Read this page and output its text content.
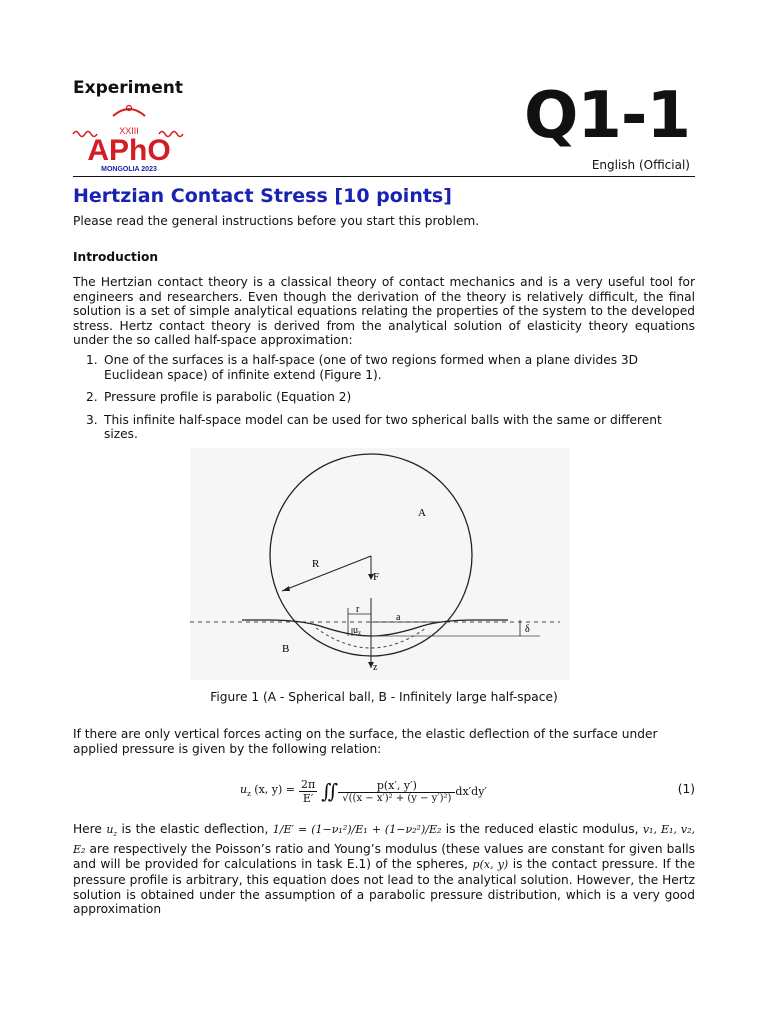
Experiment
XXIII
APhO
MONGOLIA 2023
Q1-1
English (Official)
Hertzian Contact Stress [10 points]
Please read the general instructions before you start this problem.
Introduction
The Hertzian contact theory is a classical theory of contact mechanics and is a very useful tool for engineers and researchers. Even though the derivation of the theory is relatively difficult, the final solution is a set of simple analytical equations relating the properties of the system to the developed stress. Hertz contact theory is derived from the analytical solution of elasticity theory equations under the so called half-space approximation:
1. One of the surfaces is a half-space (one of two regions formed when a plane divides 3D Euclidean space) of infinite extend (Figure 1).
2. Pressure profile is parabolic (Equation 2)
3. This infinite half-space model can be used for two spherical balls with the same or different sizes.
A
B
R
F
r
a
$u_z$	δ
z
Figure 1 (A - Spherical ball, B - Infinitely large half-space)
If there are only vertical forces acting on the surface, the elastic deflection of the surface under applied pressure is given by the following relation:
$u_z$ (x, $y) = \frac{2\pi}{E'}$ ∬	p(x′, y′)
√((x − x′)² + (y − y′)²)
dx′dy′	(1)
Here $u_z$ is the elastic deflection, 1/E′ = (1−ν₁²)/E₁ + (1−ν₂²)/E₂ is the reduced elastic modulus, v₁, E₁, v₂, E₂ are respectively the Poisson’s ratio and Young’s modulus (these values are constant for given balls and will be provided for calculations in task E.1) of the spheres, p(x, y) is the contact pressure. If the pressure profile is arbitrary, this equation does not lead to the analytical solution. However, the Hertz solution is obtained under the assumption of a parabolic pressure distribution, which is a very good approximation
